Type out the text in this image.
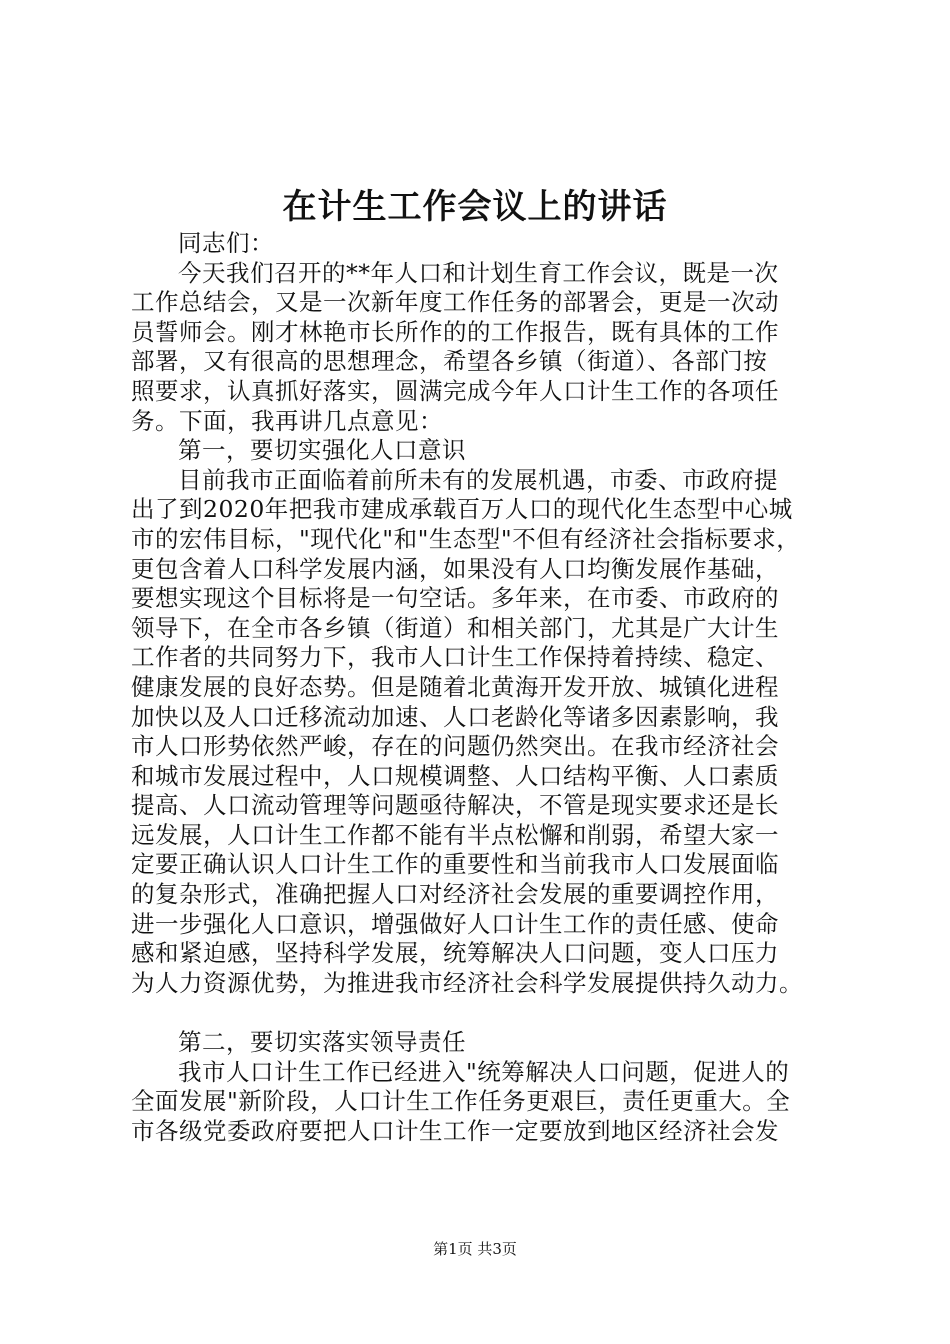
在计生工作会议上的讲话
同志们：
今天我们召开的**年人口和计划生育工作会议，既是一次
工作总结会，又是一次新年度工作任务的部署会，更是一次动
员誓师会。刚才林艳市长所作的的工作报告，既有具体的工作
部署，又有很高的思想理念，希望各乡镇（街道）、各部门按
照要求，认真抓好落实，圆满完成今年人口计生工作的各项任
务。下面，我再讲几点意见：
第一，要切实强化人口意识
目前我市正面临着前所未有的发展机遇，市委、市政府提
出了到2020年把我市建成承载百万人口的现代化生态型中心城
市的宏伟目标，"现代化"和"生态型"不但有经济社会指标要求，
更包含着人口科学发展内涵，如果没有人口均衡发展作基础，
要想实现这个目标将是一句空话。多年来，在市委、市政府的
领导下，在全市各乡镇（街道）和相关部门，尤其是广大计生
工作者的共同努力下，我市人口计生工作保持着持续、稳定、
健康发展的良好态势。但是随着北黄海开发开放、城镇化进程
加快以及人口迁移流动加速、人口老龄化等诸多因素影响，我
市人口形势依然严峻，存在的问题仍然突出。在我市经济社会
和城市发展过程中，人口规模调整、人口结构平衡、人口素质
提高、人口流动管理等问题亟待解决，不管是现实要求还是长
远发展，人口计生工作都不能有半点松懈和削弱，希望大家一
定要正确认识人口计生工作的重要性和当前我市人口发展面临
的复杂形式，准确把握人口对经济社会发展的重要调控作用，
进一步强化人口意识，增强做好人口计生工作的责任感、使命
感和紧迫感，坚持科学发展，统筹解决人口问题，变人口压力
为人力资源优势，为推进我市经济社会科学发展提供持久动力。
第二，要切实落实领导责任
我市人口计生工作已经进入"统筹解决人口问题，促进人的
全面发展"新阶段，人口计生工作任务更艰巨，责任更重大。全
市各级党委政府要把人口计生工作一定要放到地区经济社会发
第1页 共3页
